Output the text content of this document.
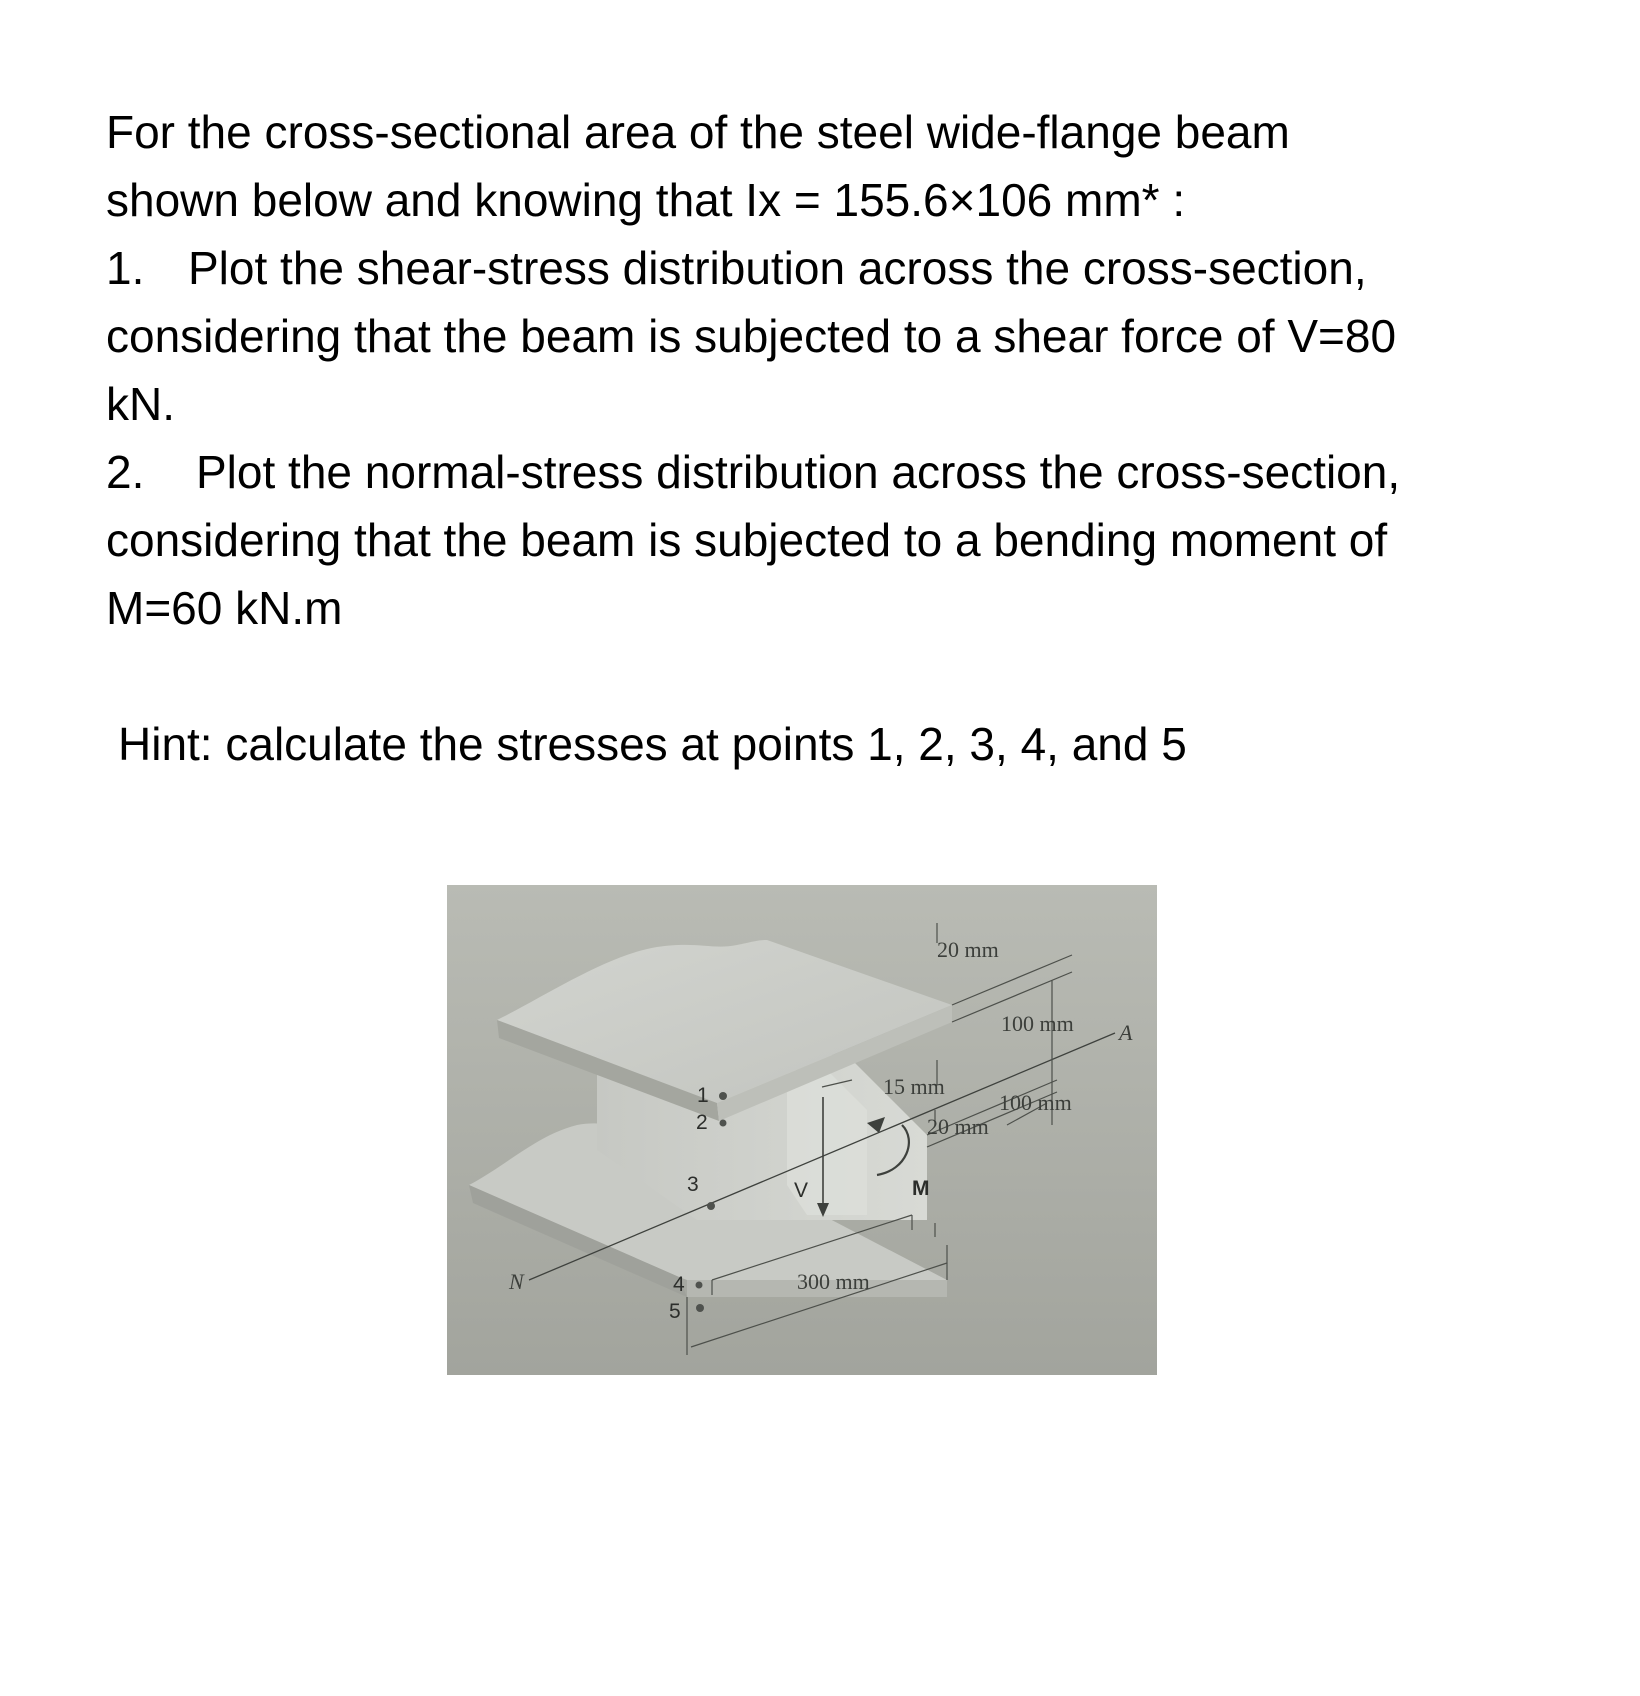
For the cross-sectional area of the steel wide-flange beam

shown below and knowing that Ix = 155.6×106 mm* :

1. Plot the shear-stress distribution across the cross-section,

considering that the beam is subjected to a shear force of V=80

kN.

2. Plot the normal-stress distribution across the cross-section,

considering that the beam is subjected to a bending moment of

M=60 kN.m

Hint: calculate the stresses at points 1, 2, 3, 4, and 5
N
A
V	M
1
2
3
4
5
20 mm
100 mm
15 mm
100 mm
20 mm
300 mm
